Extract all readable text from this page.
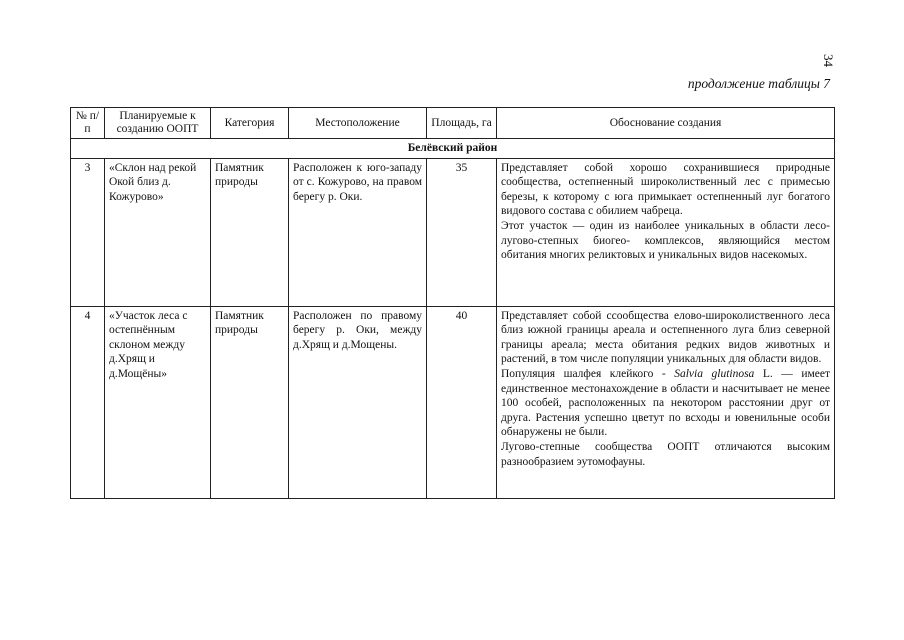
34
продолжение таблицы 7
№ п/п	Планируемые к созданию ООПТ	Категория	Местоположение	Площадь, га	Обоснование создания
Белёвский район					
3	«Склон над рекой Окой близ д. Кожурово»	Памятник природы	Расположен к юго-западу от с. Кожурово, на правом берегу р. Оки.	35	Представляет собой хорошо сохранившиеся природные сообщества, остепненный широколиственный лес с примесью березы, к которому с юга примыкает остепненный луг богатого видового состава с обилием чабреца.
Этот участок — один из наиболее уникальных в области лесо-лугово-степных биогео- комплексов, являющийся местом обитания многих реликтовых и уникальных видов насекомых.

4	«Участок леса с остепнённым склоном между д.Хрящ и д.Мощёны»	Памятник природы	Расположен по правому берегу р. Оки, между д.Хрящ и д.Мощены.	40	Представляет собой ссообщества елово-широколиственного леса близ южной границы ареала и остепненного луга близ северной границы ареала; места обитания редких видов животных и растений, в том числе популяции уникальных для области видов.
Популяция шалфея клейкого - Salvia glutinosa L. — имеет единственное местонахождение в области и насчитывает не менее 100 особей, расположенных па некотором расстоянии друг от друга. Растения успешно цветут по всходы и ювенильные особи обнаружены не были.
Лугово-степные сообщества ООПТ отличаются высоким разнообразием эутомофауны.
